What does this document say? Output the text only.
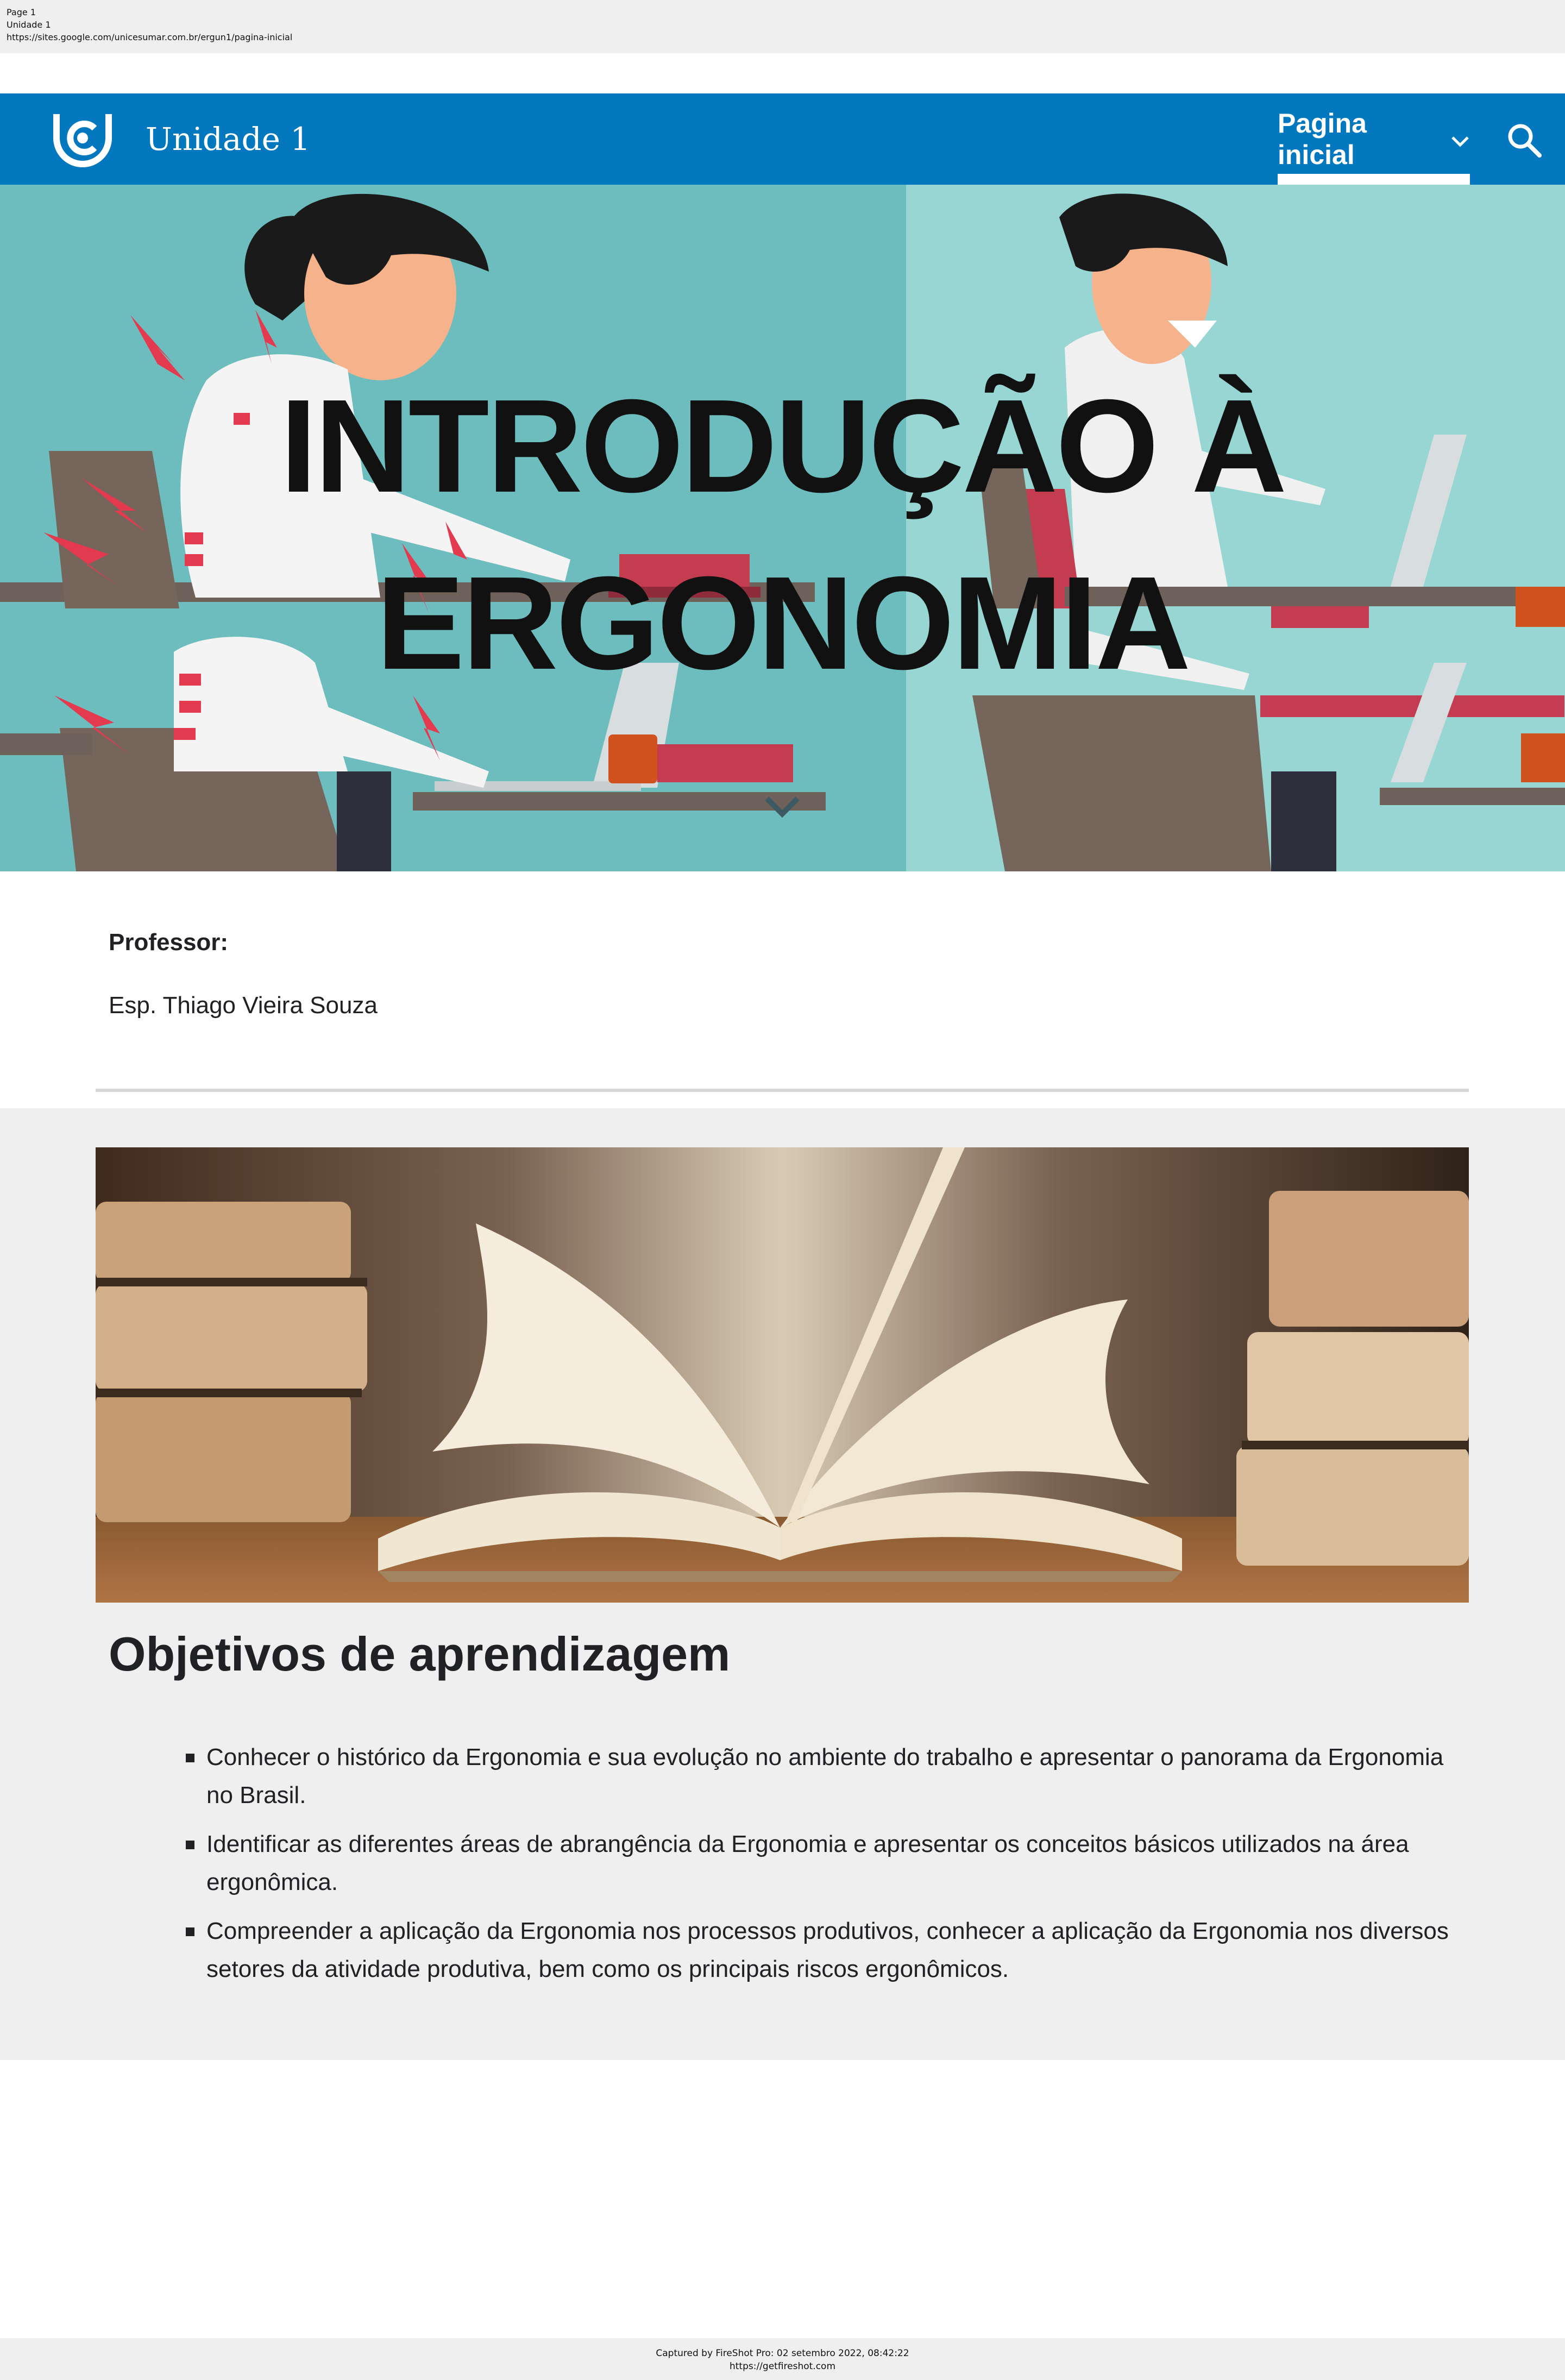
Page 1
Unidade 1
https://sites.google.com/unicesumar.com.br/ergun1/pagina-inicial
Unidade 1	Pagina inicial
INTRODUÇÃO À
ERGONOMIA
Professor:
Esp. Thiago Vieira Souza
Objetivos de aprendizagem
Conhecer o histórico da Ergonomia e sua evolução no ambiente do trabalho e apresentar o panorama da Ergonomia no Brasil.
Identificar as diferentes áreas de abrangência da Ergonomia e apresentar os conceitos básicos utilizados na área ergonômica.
Compreender a aplicação da Ergonomia nos processos produtivos, conhecer a aplicação da Ergonomia nos diversos setores da atividade produtiva, bem como os principais riscos ergonômicos.
Captured by FireShot Pro: 02 setembro 2022, 08:42:22
https://getfireshot.com
